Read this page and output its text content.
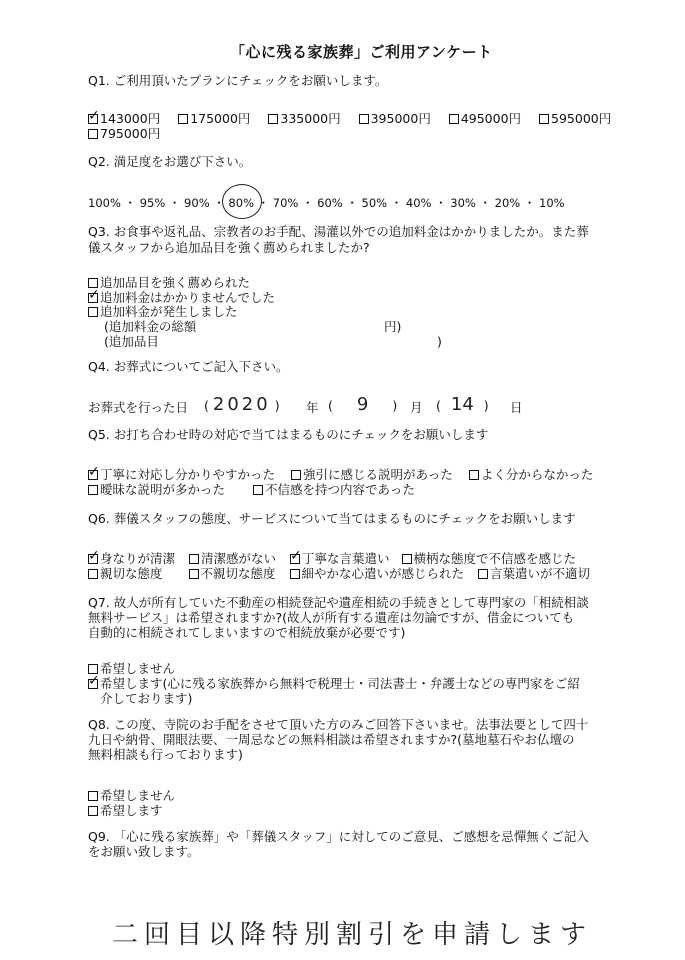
「心に残る家族葬」ご利用アンケート
Q1. ご利用頂いたプランにチェックをお願いします。
✓ 143000円 175000円 335000円 395000円 495000円 595000円
795000円
Q2. 満足度をお選び下さい。
100% ・ 95% ・ 90% ・ 80% ・ 70% ・ 60% ・ 50% ・ 40% ・ 30% ・ 20% ・ 10%
Q3. お食事や返礼品、宗教者のお手配、湯灌以外での追加料金はかかりましたか。また葬
儀スタッフから追加品目を強く薦められましたか?
追加品目を強く薦められた
✓ 追加料金はかかりませんでした
追加料金が発生しました
(追加料金の総額	円)
(追加品目	)
Q4. お葬式についてご記入下さい。
お葬式を行った日 ( 2020 ) 年 ( 9 ) 月 ( 14 ) 日
Q5. お打ち合わせ時の対応で当てはまるものにチェックをお願いします
✓ 丁寧に対応し分かりやすかった 強引に感じる説明があった よく分からなかった
曖昧な説明が多かった	不信感を持つ内容であった
Q6. 葬儀スタッフの態度、サービスについて当てはまるものにチェックをお願いします
✓ 身なりが清潔 清潔感がない ✓ 丁寧な言葉遣い 横柄な態度で不信感を感じた
親切な態度	不親切な態度 細やかな心遣いが感じられた 言葉遣いが不適切
Q7. 故人が所有していた不動産の相続登記や遺産相続の手続きとして専門家の「相続相談
無料サービス」は希望されますか?(故人が所有する遺産は勿論ですが、借金についても
自動的に相続されてしまいますので相続放棄が必要です)
希望しません
✓ 希望します(心に残る家族葬から無料で税理士・司法書士・弁護士などの専門家をご紹
介しております)
Q8. この度、寺院のお手配をさせて頂いた方のみご回答下さいませ。法事法要として四十
九日や納骨、開眼法要、一周忌などの無料相談は希望されますか?(墓地墓石やお仏壇の
無料相談も行っております)
希望しません
希望します
Q9. 「心に残る家族葬」や「葬儀スタッフ」に対してのご意見、ご感想を忌憚無くご記入
をお願い致します。
二回目以降特別割引を申請します
